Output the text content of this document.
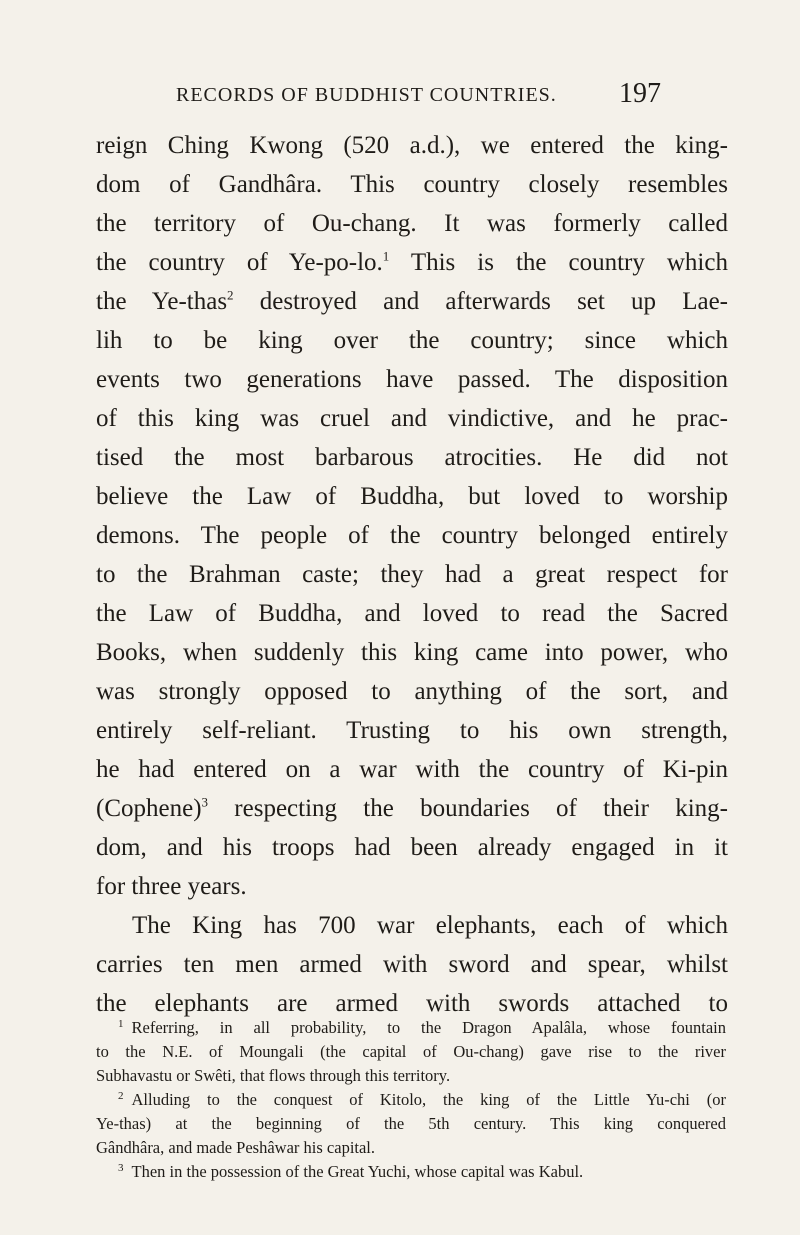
RECORDS OF BUDDHIST COUNTRIES. 197
reign Ching Kwong (520 a.d.), we entered the king-
dom of Gandhâra. This country closely resembles
the territory of Ou-chang. It was formerly called
the country of Ye-po-lo.$^1$ This is the country which
the Ye-thas$^2$ destroyed and afterwards set up Lae-
lih to be king over the country; since which
events two generations have passed. The disposition
of this king was cruel and vindictive, and he prac-
tised the most barbarous atrocities. He did not
believe the Law of Buddha, but loved to worship
demons. The people of the country belonged entirely
to the Brahman caste; they had a great respect for
the Law of Buddha, and loved to read the Sacred
Books, when suddenly this king came into power, who
was strongly opposed to anything of the sort, and
entirely self-reliant. Trusting to his own strength,
he had entered on a war with the country of Ki-pin
(Cophene)$^3$ respecting the boundaries of their king-
dom, and his troops had been already engaged in it
for three years.
The King has 700 war elephants, each of which
carries ten men armed with sword and spear, whilst
the elephants are armed with swords attached to
$^1$ Referring, in all probability, to the Dragon Apalâla, whose fountain
to the N.E. of Moungali (the capital of Ou-chang) gave rise to the river
Subhavastu or Swêti, that flows through this territory.
$^2$ Alluding to the conquest of Kitolo, the king of the Little Yu-chi (or
Ye-thas) at the beginning of the 5th century. This king conquered
Gândhâra, and made Peshâwar his capital.
$^3$ Then in the possession of the Great Yuchi, whose capital was Kabul.
